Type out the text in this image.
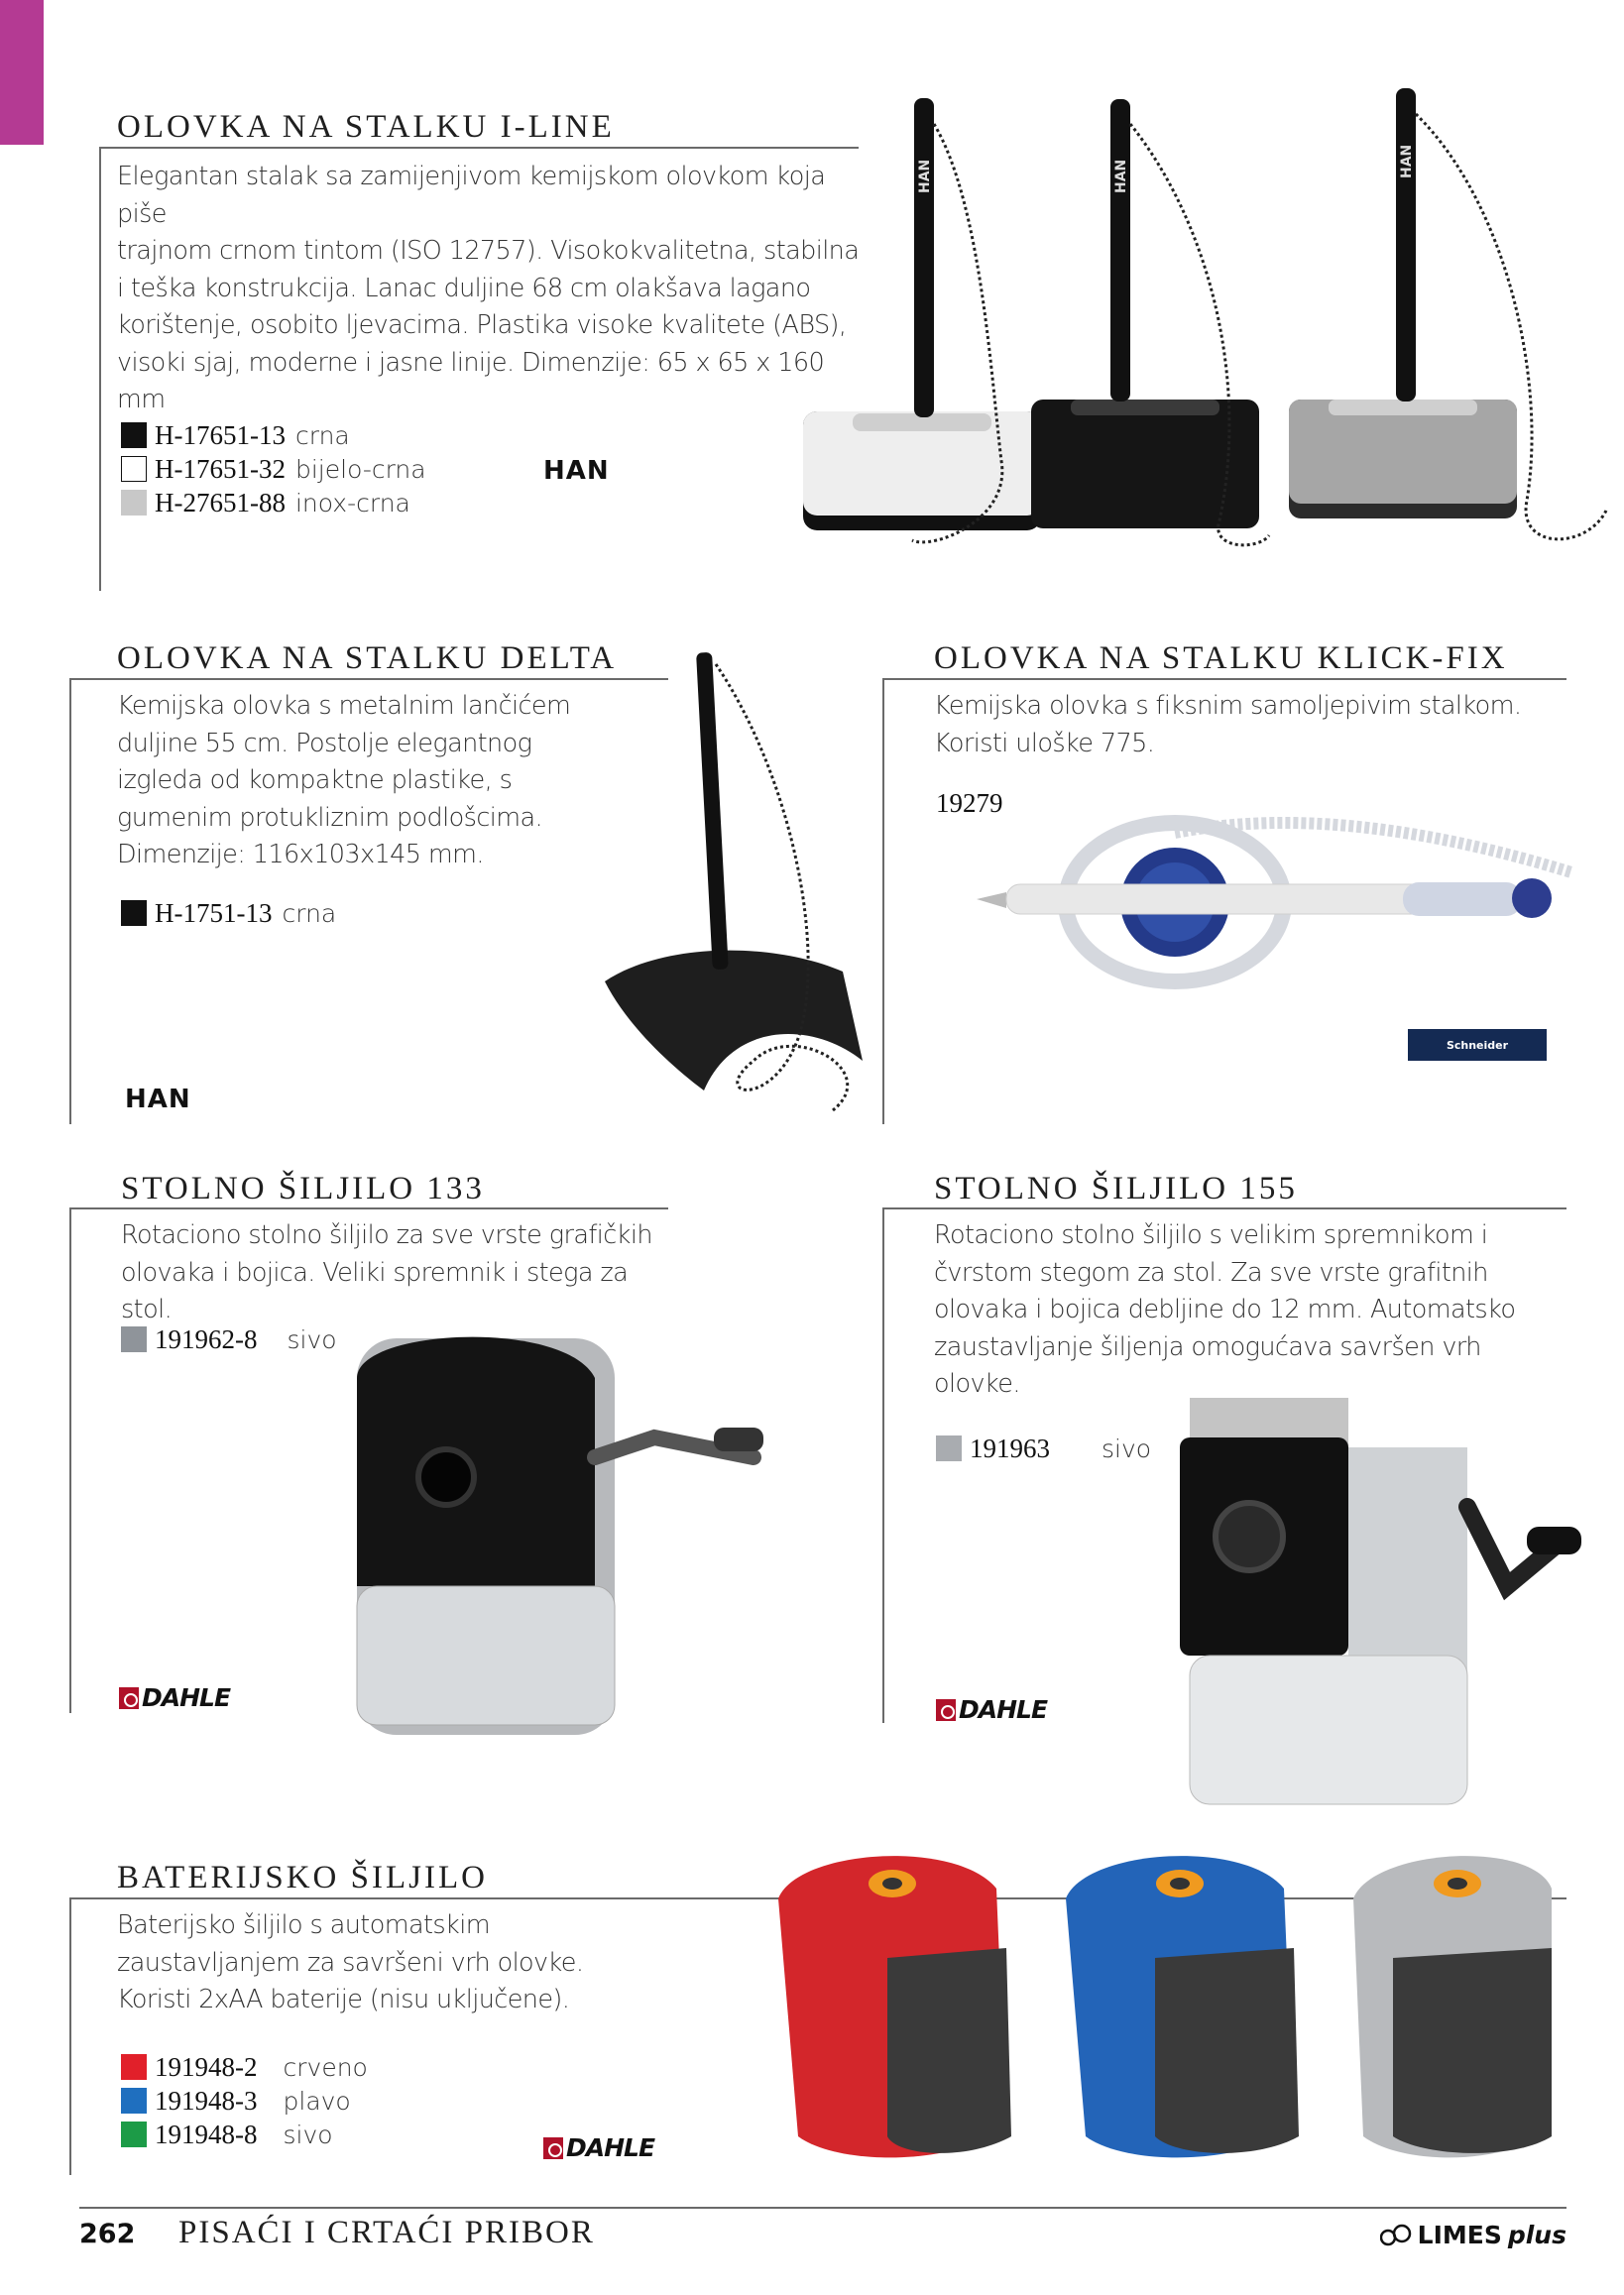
OLOVKA NA STALKU I-LINE
Elegantan stalak sa zamijenjivom kemijskom olovkom koja piše
trajnom crnom tintom (ISO 12757). Visokokvalitetna, stabilna
i teška konstrukcija. Lanac duljine 68 cm olakšava lagano
korištenje, osobito ljevacima. Plastika visoke kvalitete (ABS),
visoki sjaj, moderne i jasne linije. Dimenzije: 65 x 65 x 160 mm
H-17651-13 crna
H-17651-32 bijelo-crna
H-27651-88 inox-crna
HAN
HAN	HAN	HAN
OLOVKA NA STALKU DELTA
Kemijska olovka s metalnim lančićem
duljine 55 cm. Postolje elegantnog
izgleda od kompaktne plastike, s
gumenim protukliznim podlošcima.
Dimenzije: 116x103x145 mm.
H-1751-13 crna
HAN
OLOVKA NA STALKU KLICK-FIX
Kemijska olovka s fiksnim samoljepivim stalkom.
Koristi uloške 775.
19279
Schneider
STOLNO ŠILJILO 133
Rotaciono stolno šiljilo za sve vrste grafičkih
olovaka i bojica. Veliki spremnik i stega za stol.
191962-8 sivo
DAHLE
STOLNO ŠILJILO 155
Rotaciono stolno šiljilo s velikim spremnikom i
čvrstom stegom za stol. Za sve vrste grafitnih
olovaka i bojica debljine do 12 mm. Automatsko
zaustavljanje šiljenja omogućava savršen vrh
olovke.
191963 sivo
DAHLE
BATERIJSKO ŠILJILO
Baterijsko šiljilo s automatskim
zaustavljanjem za savršeni vrh olovke.
Koristi 2xAA baterije (nisu uključene).
191948-2 crveno
191948-3 plavo
191948-8 sivo	DAHLE
262 PISAĆI I CRTAĆI PRIBOR	LIMES plus
